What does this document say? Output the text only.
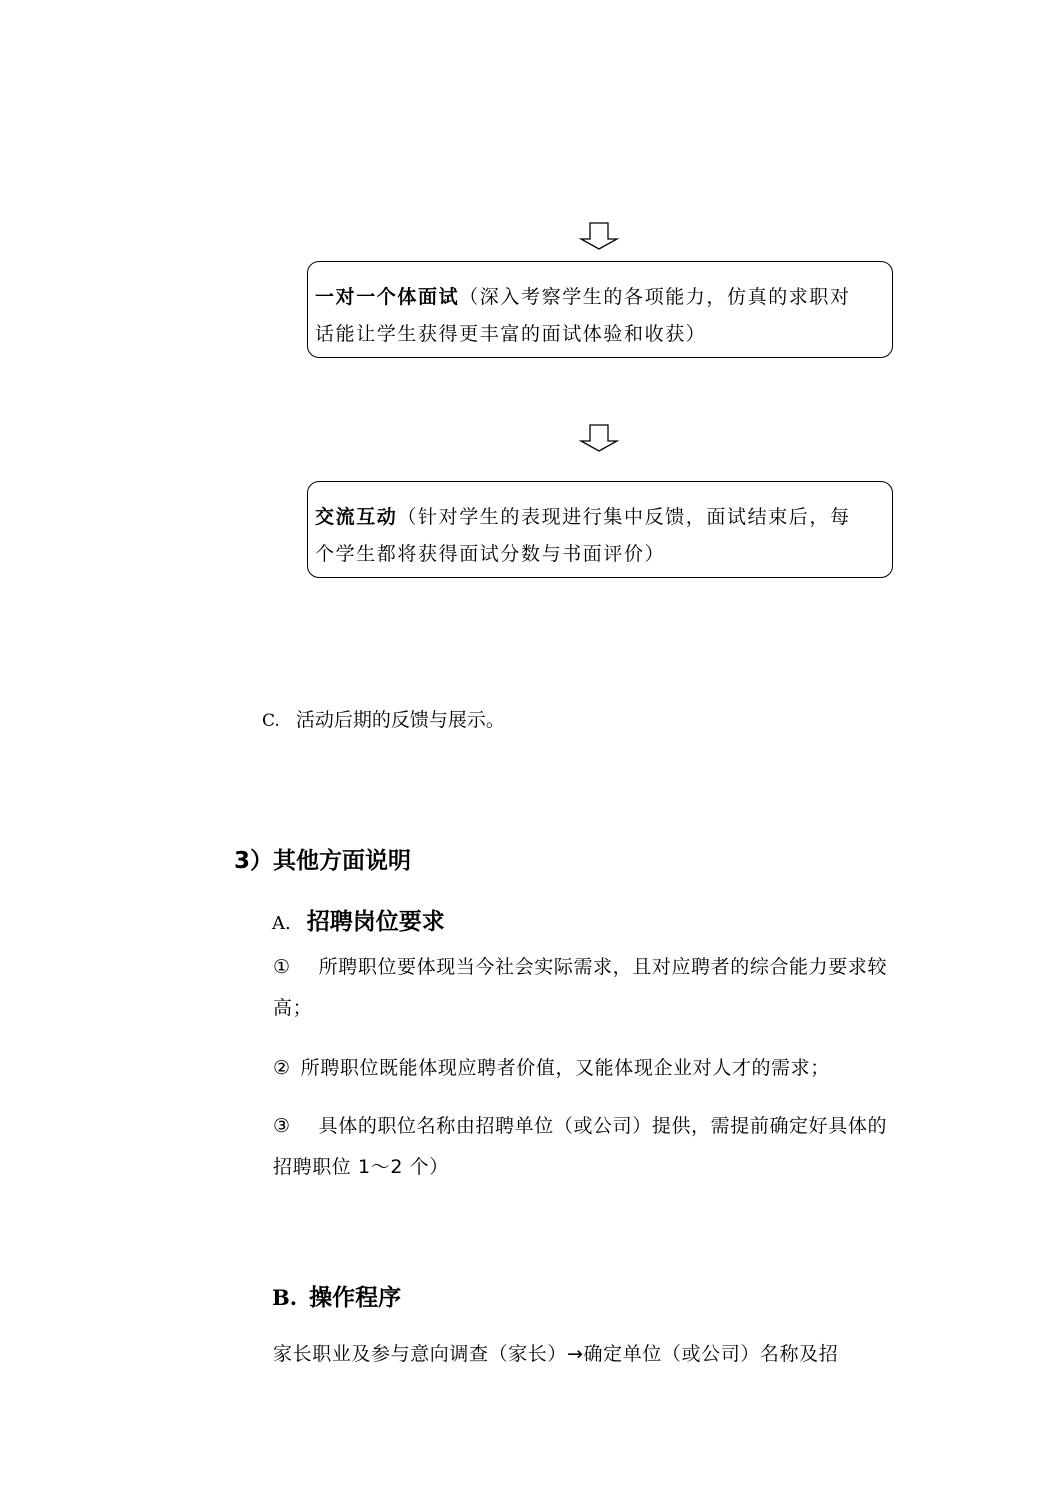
一对一个体面试（深入考察学生的各项能力，仿真的求职对话能让学生获得更丰富的面试体验和收获）
交流互动（针对学生的表现进行集中反馈，面试结束后，每个学生都将获得面试分数与书面评价）
C. 活动后期的反馈与展示。
3）其他方面说明
A. 招聘岗位要求
① 所聘职位要体现当今社会实际需求，且对应聘者的综合能力要求较高；
② 所聘职位既能体现应聘者价值，又能体现企业对人才的需求；
③ 具体的职位名称由招聘单位（或公司）提供，需提前确定好具体的招聘职位 1～2 个）
B. 操作程序
家长职业及参与意向调查（家长）→确定单位（或公司）名称及招
